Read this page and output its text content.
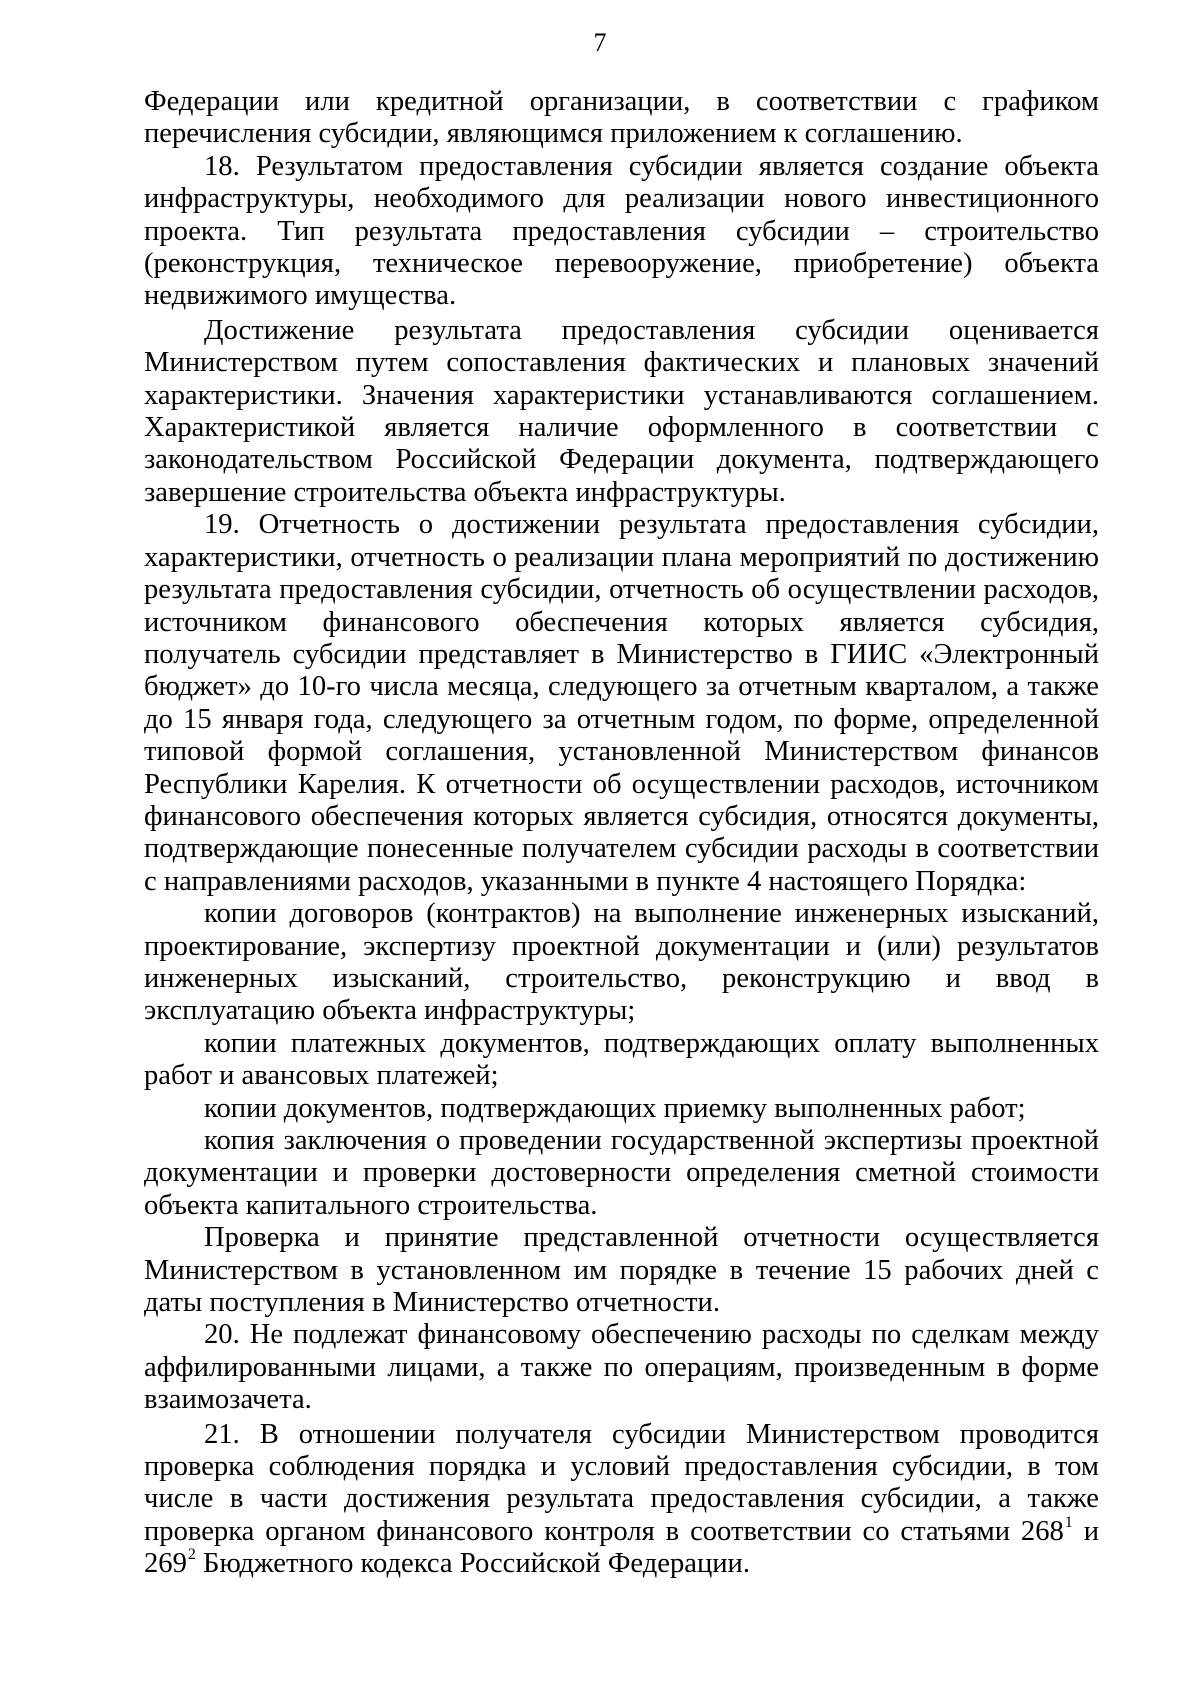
7

Федерации или кредитной организации, в соответствии с графиком перечисления субсидии, являющимся приложением к соглашению.

18. Результатом предоставления субсидии является создание объекта инфраструктуры, необходимого для реализации нового инвестиционного проекта. Тип результата предоставления субсидии – строительство (реконструкция, техническое перевооружение, приобретение) объекта недвижимого имущества.

Достижение результата предоставления субсидии оценивается Министерством путем сопоставления фактических и плановых значений характеристики. Значения характеристики устанавливаются соглашением. Характеристикой является наличие оформленного в соответствии с законодательством Российской Федерации документа, подтверждающего завершение строительства объекта инфраструктуры.

19. Отчетность о достижении результата предоставления субсидии, характеристики, отчетность о реализации плана мероприятий по достижению результата предоставления субсидии, отчетность об осуществлении расходов, источником финансового обеспечения которых является субсидия, получатель субсидии представляет в Министерство в ГИИС «Электронный бюджет» до 10-го числа месяца, следующего за отчетным кварталом, а также до 15 января года, следующего за отчетным годом, по форме, определенной типовой формой соглашения, установленной Министерством финансов Республики Карелия. К отчетности об осуществлении расходов, источником финансового обеспечения которых является субсидия, относятся документы, подтверждающие понесенные получателем субсидии расходы в соответствии с направлениями расходов, указанными в пункте 4 настоящего Порядка:

копии договоров (контрактов) на выполнение инженерных изысканий, проектирование, экспертизу проектной документации и (или) результатов инженерных изысканий, строительство, реконструкцию и ввод в эксплуатацию объекта инфраструктуры;

копии платежных документов, подтверждающих оплату выполненных работ и авансовых платежей;

копии документов, подтверждающих приемку выполненных работ;

копия заключения о проведении государственной экспертизы проектной документации и проверки достоверности определения сметной стоимости объекта капитального строительства.

Проверка и принятие представленной отчетности осуществляется Министерством в установленном им порядке в течение 15 рабочих дней с даты поступления в Министерство отчетности.

20. Не подлежат финансовому обеспечению расходы по сделкам между аффилированными лицами, а также по операциям, произведенным в форме взаимозачета.

21. В отношении получателя субсидии Министерством проводится проверка соблюдения порядка и условий предоставления субсидии, в том числе в части достижения результата предоставления субсидии, а также проверка органом финансового контроля в соответствии со статьями $268^1$ и $269^2$ Бюджетного кодекса Российской Федерации.
